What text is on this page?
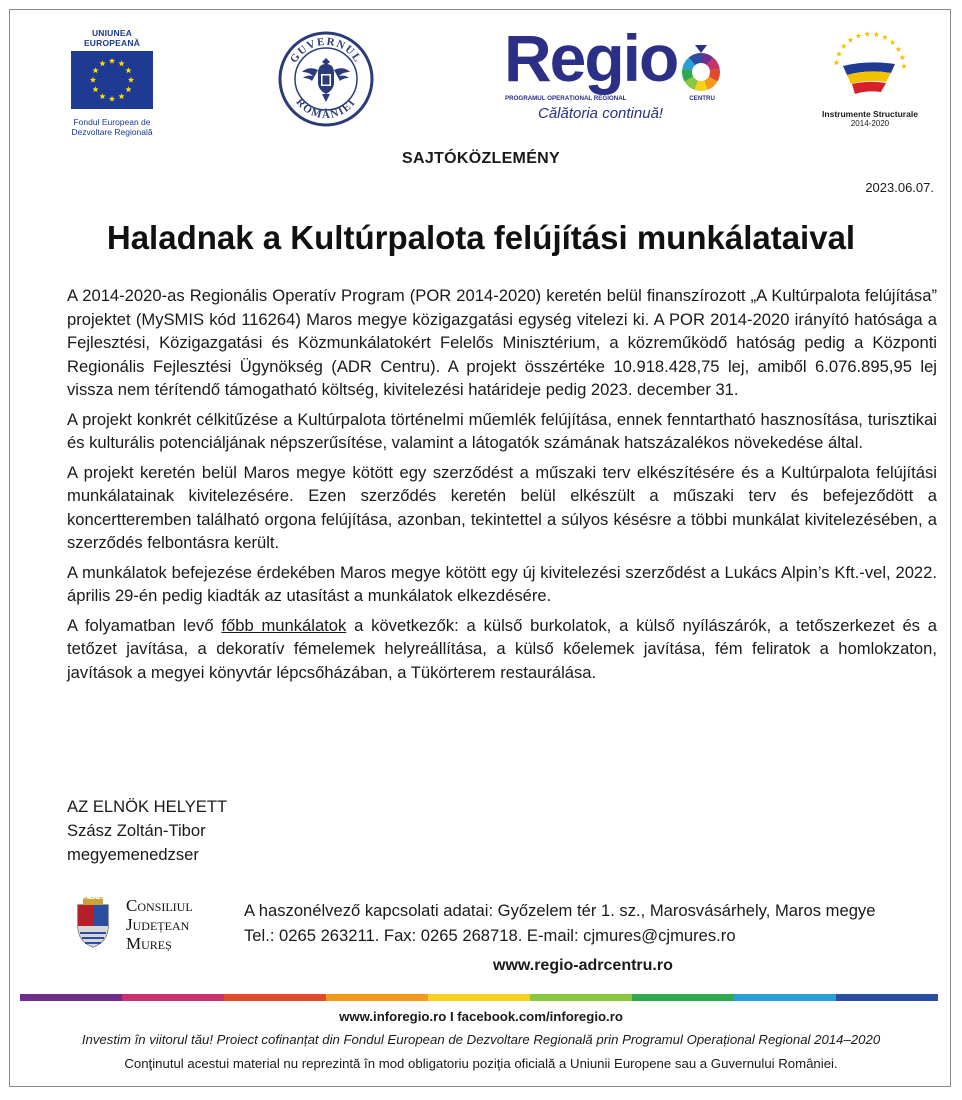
UNIUNEA EUROPEANĂ
Fondul European de
Dezvoltare Regională
GUVERNUL
ROMÂNIEI
Regio
PROGRAMUL OPERAȚIONAL REGIONAL	CENTRU
Călătoria continuă!	Instrumente Structurale
2014-2020
SAJTÓKÖZLEMÉNY
2023.06.07.
Haladnak a Kultúrpalota felújítási munkálataival

A 2014-2020-as Regionális Operatív Program (POR 2014-2020) keretén belül finanszírozott „A Kultúrpalota felújítása” projektet (MySMIS kód 116264) Maros megye közigazgatási egység vitelezi ki. A POR 2014-2020 irányító hatósága a Fejlesztési, Közigazgatási és Közmunkálatokért Felelős Minisztérium, a közreműködő hatóság pedig a Központi Regionális Fejlesztési Ügynökség (ADR Centru). A projekt összértéke 10.918.428,75 lej, amiből 6.076.895,95 lej vissza nem térítendő támogatható költség, kivitelezési határideje pedig 2023. december 31.

A projekt konkrét célkitűzése a Kultúrpalota történelmi műemlék felújítása, ennek fenntartható hasznosítása, turisztikai és kulturális potenciáljának népszerűsítése, valamint a látogatók számának hatszázalékos növekedése által.

A projekt keretén belül Maros megye kötött egy szerződést a műszaki terv elkészítésére és a Kultúrpalota felújítási munkálatainak kivitelezésére. Ezen szerződés keretén belül elkészült a műszaki terv és befejeződött a koncertteremben található orgona felújítása, azonban, tekintettel a súlyos késésre a többi munkálat kivitelezésében, a szerződés felbontásra került.

A munkálatok befejezése érdekében Maros megye kötött egy új kivitelezési szerződést a Lukács Alpin’s Kft.-vel, 2022. április 29-én pedig kiadták az utasítást a munkálatok elkezdésére.

A folyamatban levő főbb munkálatok a következők: a külső burkolatok, a külső nyílászárók, a tetőszerkezet és a tetőzet javítása, a dekoratív fémelemek helyreállítása, a külső kőelemek javítása, fém feliratok a homlokzaton, javítások a megyei könyvtár lépcsőházában, a Tükörterem restaurálása.

AZ ELNÖK HELYETT
Szász Zoltán-Tibor
megyemenedzser
Consiliul
Județean
Mureș
A haszonélvező kapcsolati adatai: Győzelem tér 1. sz., Marosvásárhely, Maros megye
Tel.: 0265 263211. Fax: 0265 268718. E-mail: cjmures@cjmures.ro
www.regio-adrcentru.ro
www.inforegio.ro I facebook.com/inforegio.ro
Investim în viitorul tău! Proiect cofinanțat din Fondul European de Dezvoltare Regională prin Programul Operațional Regional 2014–2020
Conţinutul acestui material nu reprezintă în mod obligatoriu poziţia oficială a Uniunii Europene sau a Guvernului României.
